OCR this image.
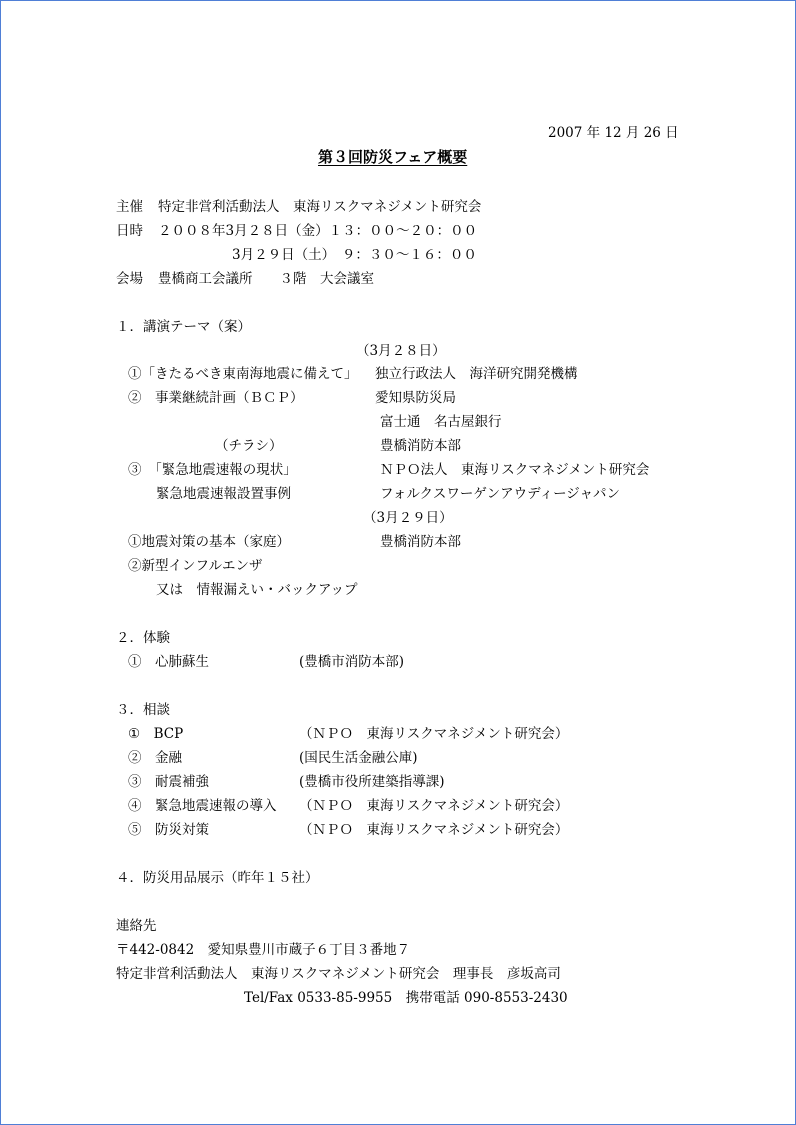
2007 年 12 月 26 日
第３回防災フェア概要
主催 特定非営利活動法人　東海リスクマネジメント研究会
日時 ２００８年3月２８日（金）１３：００～２０：００
3月２９日（土）　９：３０～１６：００
会場 豊橋商工会議所　　３階　大会議室
１．講演テーマ（案）
（3月２８日）
①「きたるべき東南海地震に備えて」 独立行政法人　海洋研究開発機構
②　事業継続計画（ＢＣＰ）	愛知県防災局
富士通　名古屋銀行
（チラシ）	豊橋消防本部
③　「緊急地震速報の現状」	ＮＰＯ法人　東海リスクマネジメント研究会
緊急地震速報設置事例	フォルクスワーゲンアウディージャパン
（3月２９日）
①地震対策の基本（家庭）	豊橋消防本部
②新型インフルエンザ
又は　情報漏えい・バックアップ
２．体験
①　心肺蘇生	(豊橋市消防本部)
３．相談
①　BCP	（ＮＰＯ　東海リスクマネジメント研究会）
②　金融	(国民生活金融公庫)
③　耐震補強	(豊橋市役所建築指導課)
④　緊急地震速報の導入 （ＮＰＯ　東海リスクマネジメント研究会）
⑤　防災対策	（ＮＰＯ　東海リスクマネジメント研究会）
４．防災用品展示（昨年１５社）
連絡先
〒442-0842　愛知県豊川市蔵子６丁目３番地７
特定非営利活動法人　東海リスクマネジメント研究会　理事長　彦坂高司
Tel/Fax 0533-85-9955　携帯電話 090-8553-2430
